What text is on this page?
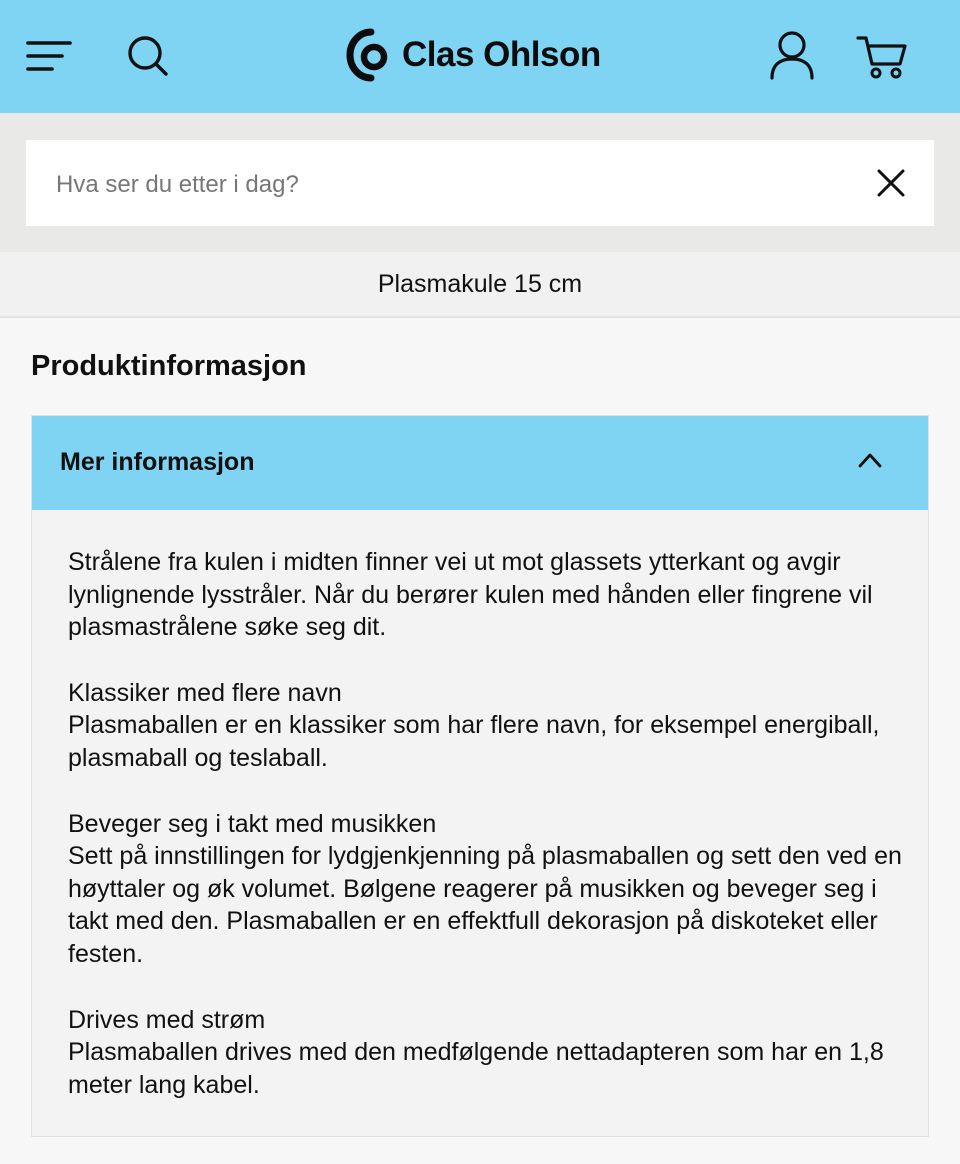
Clas Ohlson
Hva ser du etter i dag?
Plasmakule 15 cm
Produktinformasjon
Mer informasjon

Strålene fra kulen i midten finner vei ut mot glassets ytterkant og avgir lynlignende lysstråler. Når du berører kulen med hånden eller fingrene vil plasmastrålene søke seg dit.

Klassiker med flere navn
Plasmaballen er en klassiker som har flere navn, for eksempel energiball, plasmaball og teslaball.

Beveger seg i takt med musikken
Sett på innstillingen for lydgjenkjenning på plasmaballen og sett den ved en høyttaler og øk volumet. Bølgene reagerer på musikken og beveger seg i takt med den. Plasmaballen er en effektfull dekorasjon på diskoteket eller festen.

Drives med strøm
Plasmaballen drives med den medfølgende nettadapteren som har en 1,8 meter lang kabel.
